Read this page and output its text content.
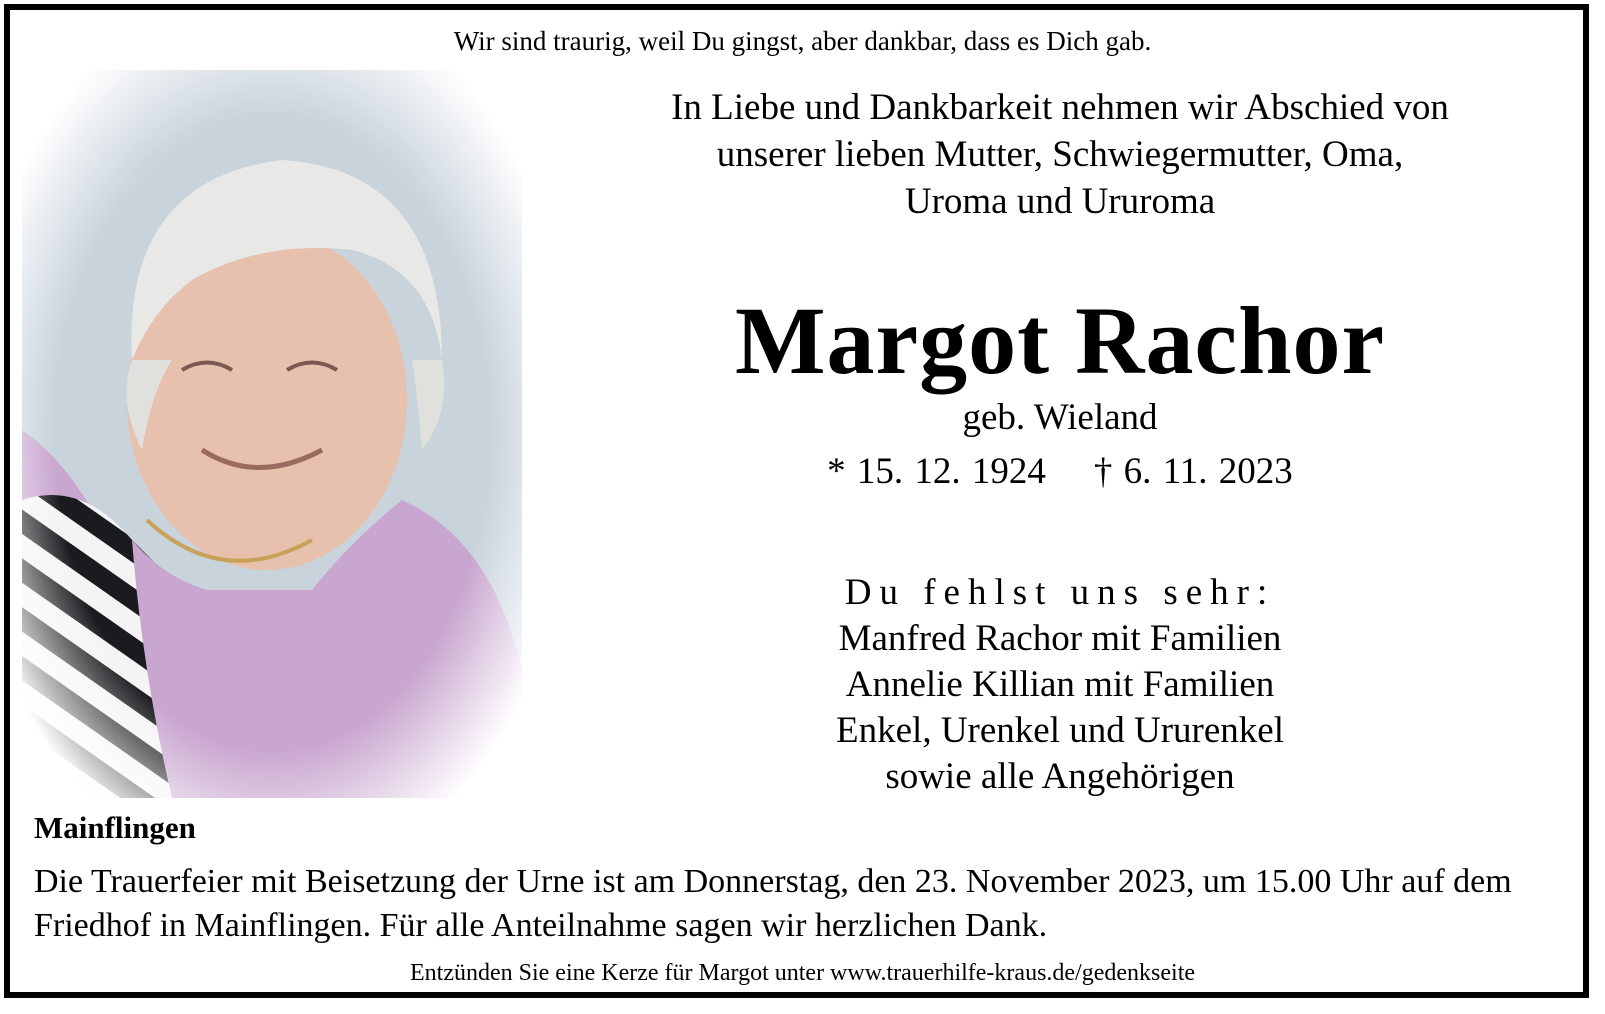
Wir sind traurig, weil Du gingst, aber dankbar, dass es Dich gab.
In Liebe und Dankbarkeit nehmen wir Abschied von
unserer lieben Mutter, Schwiegermutter, Oma,
Uroma und Ururoma
Margot Rachor
geb. Wieland
* 15. 12. 1924 † 6. 11. 2023
Du fehlst uns sehr:
Manfred Rachor mit Familien
Annelie Killian mit Familien
Enkel, Urenkel und Ururenkel
sowie alle Angehörigen
Mainflingen
Die Trauerfeier mit Beisetzung der Urne ist am Donnerstag, den 23. November 2023, um 15.00 Uhr auf dem Friedhof in Mainflingen. Für alle Anteilnahme sagen wir herzlichen Dank.
Entzünden Sie eine Kerze für Margot unter www.trauerhilfe-kraus.de/gedenkseite
